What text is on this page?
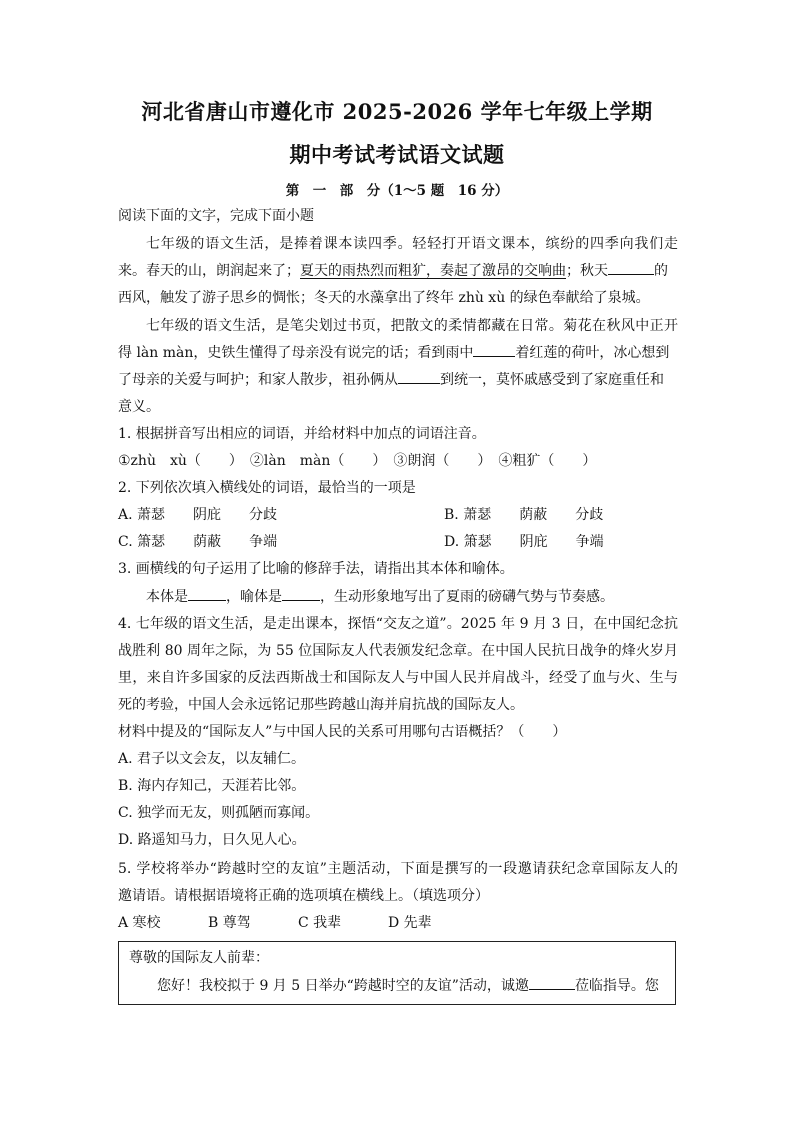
河北省唐山市遵化市 2025-2026 学年七年级上学期
期中考试考试语文试题
第　一　部　分（1～5 题　16 分）
阅读下面的文字，完成下面小题
七年级的语文生活，是捧着课本读四季。轻轻打开语文课本，缤纷的四季向我们走
来。春天的山，朗润起来了；夏天的雨热烈而粗犷，奏起了激昂的交响曲；秋天	的
西风，触发了游子思乡的惆怅；冬天的水藻拿出了终年 zhù xù 的绿色奉献给了泉城。
七年级的语文生活，是笔尖划过书页，把散文的柔情都藏在日常。菊花在秋风中正开
得 làn màn，史铁生懂得了母亲没有说完的话；看到雨中	着红莲的荷叶，冰心想到
了母亲的关爱与呵护；和家人散步，祖孙俩从	到统一，莫怀戚感受到了家庭重任和
意义。
1. 根据拼音写出相应的词语，并给材料中加点的词语注音。
①zhù　xù（　　）　②làn　màn（　　）　③朗润（　　）　④粗犷（　　）
2. 下列依次填入横线处的词语，最恰当的一项是
A. 萧瑟　　阴庇　　分歧	B. 萧瑟　　荫蔽　　分歧
C. 箫瑟　　荫蔽　　争端	D. 箫瑟　　阴庇　　争端
3. 画横线的句子运用了比喻的修辞手法，请指出其本体和喻体。
本体是	，喻体是	，生动形象地写出了夏雨的磅礴气势与节奏感。
4. 七年级的语文生活，是走出课本，探悟“交友之道”。2025 年 9 月 3 日，在中国纪念抗
战胜利 80 周年之际，为 55 位国际友人代表颁发纪念章。在中国人民抗日战争的烽火岁月
里，来自许多国家的反法西斯战士和国际友人与中国人民并肩战斗，经受了血与火、生与
死的考验，中国人会永远铭记那些跨越山海并肩抗战的国际友人。
材料中提及的“国际友人”与中国人民的关系可用哪句古语概括？（　　）
A. 君子以文会友，以友辅仁。
B. 海内存知己，天涯若比邻。
C. 独学而无友，则孤陋而寡闻。
D. 路遥知马力，日久见人心。
5. 学校将举办“跨越时空的友谊”主题活动，下面是撰写的一段邀请获纪念章国际友人的
邀请语。请根据语境将正确的选项填在横线上。（填选项分）
A 寒校	B 尊驾	C 我辈	D 先辈
尊敬的国际友人前辈：
您好！我校拟于 9 月 5 日举办“跨越时空的友谊”活动，诚邀	莅临指导。您
